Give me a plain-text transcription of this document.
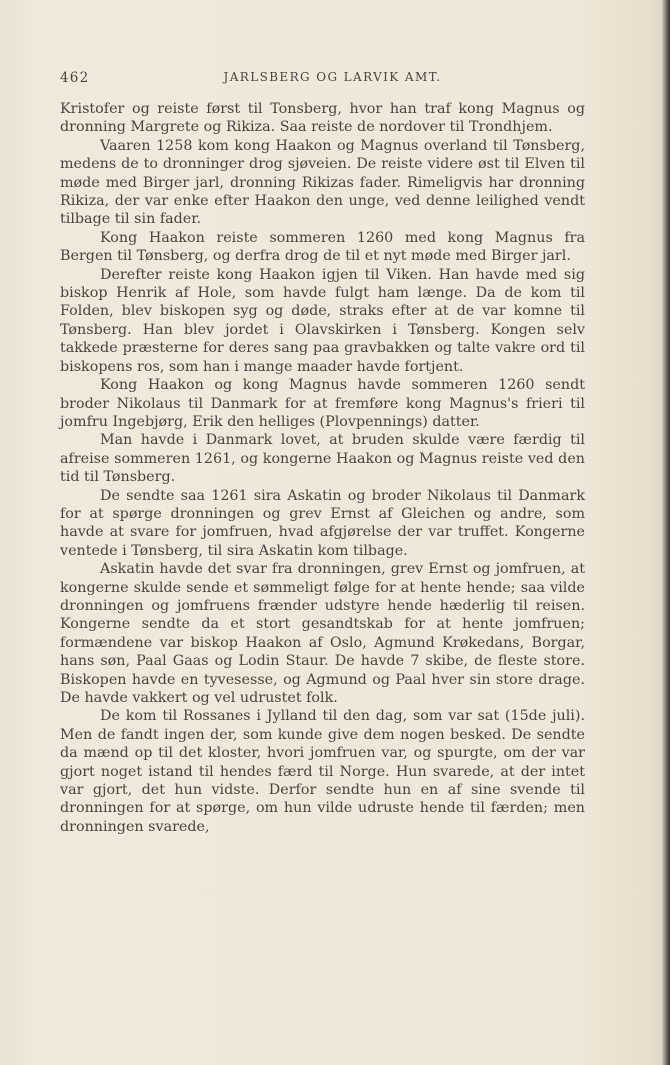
462	JARLSBERG OG LARVIK AMT.

Kristofer og reiste først til Tonsberg, hvor han traf kong Magnus og dronning Margrete og Rikiza. Saa reiste de nordover til Trondhjem.

Vaaren 1258 kom kong Haakon og Magnus overland til Tønsberg, medens de to dronninger drog sjøveien. De reiste videre øst til Elven til møde med Birger jarl, dronning Rikizas fader. Rimeligvis har dronning Rikiza, der var enke efter Haakon den unge, ved denne leilighed vendt tilbage til sin fader.

Kong Haakon reiste sommeren 1260 med kong Magnus fra Bergen til Tønsberg, og derfra drog de til et nyt møde med Birger jarl.

Derefter reiste kong Haakon igjen til Viken. Han havde med sig biskop Henrik af Hole, som havde fulgt ham længe. Da de kom til Folden, blev biskopen syg og døde, straks efter at de var komne til Tønsberg. Han blev jordet i Olavskirken i Tønsberg. Kongen selv takkede præsterne for deres sang paa gravbakken og talte vakre ord til biskopens ros, som han i mange maader havde fortjent.

Kong Haakon og kong Magnus havde sommeren 1260 sendt broder Nikolaus til Danmark for at fremføre kong Magnus's frieri til jomfru Ingebjørg, Erik den helliges (Plovpennings) datter.

Man havde i Danmark lovet, at bruden skulde være færdig til afreise sommeren 1261, og kongerne Haakon og Magnus reiste ved den tid til Tønsberg.

De sendte saa 1261 sira Askatin og broder Nikolaus til Danmark for at spørge dronningen og grev Ernst af Gleichen og andre, som havde at svare for jomfruen, hvad afgjørelse der var truffet. Kongerne ventede i Tønsberg, til sira Askatin kom tilbage.

Askatin havde det svar fra dronningen, grev Ernst og jomfruen, at kongerne skulde sende et sømmeligt følge for at hente hende; saa vilde dronningen og jomfruens frænder udstyre hende hæderlig til reisen. Kongerne sendte da et stort gesandtskab for at hente jomfruen; formændene var biskop Haakon af Oslo, Agmund Krøkedans, Borgar, hans søn, Paal Gaas og Lodin Staur. De havde 7 skibe, de fleste store. Biskopen havde en tyvesesse, og Agmund og Paal hver sin store drage. De havde vakkert og vel udrustet folk.

De kom til Rossanes i Jylland til den dag, som var sat (15de juli). Men de fandt ingen der, som kunde give dem nogen besked. De sendte da mænd op til det kloster, hvori jomfruen var, og spurgte, om der var gjort noget istand til hendes færd til Norge. Hun svarede, at der intet var gjort, det hun vidste. Derfor sendte hun en af sine svende til dronningen for at spørge, om hun vilde udruste hende til færden; men dronningen svarede,
